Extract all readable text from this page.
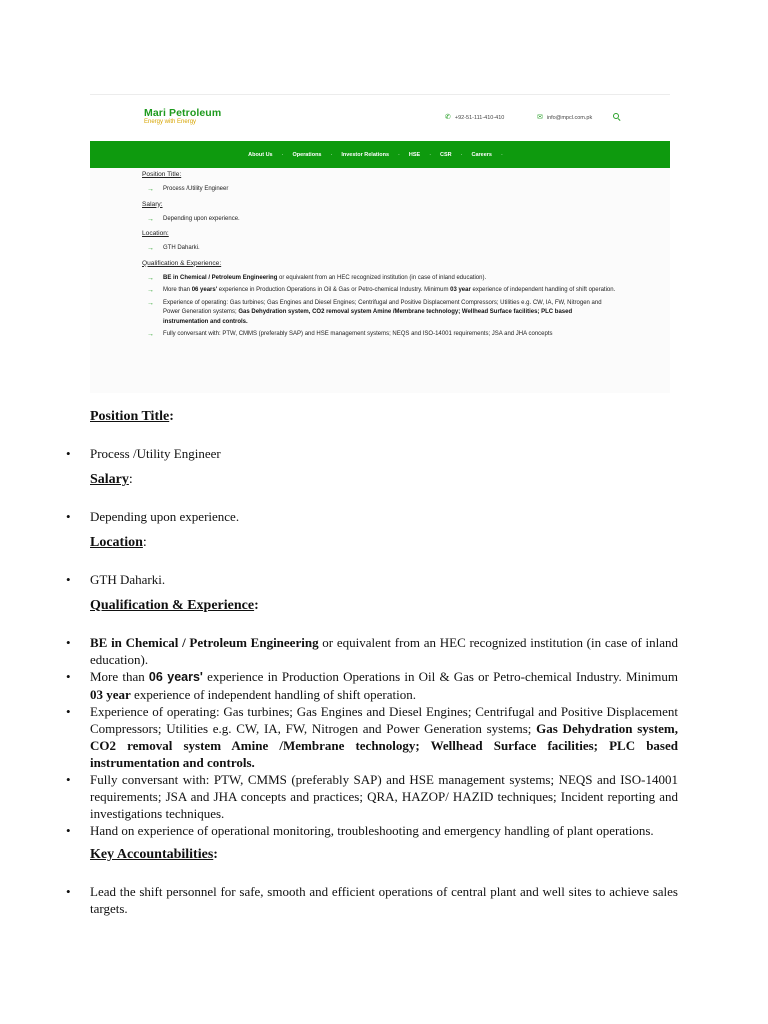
Mari Petroleum
Energy with Energy
✆ +92-51-111-410-410	✉ info@mpcl.com.pk
About Us · Operations · Investor Relations · HSE · CSR · Careers ·
Position Title:
→ Process /Utility Engineer
Salary:
→ Depending upon experience.
Location:
→ GTH Daharki.
Qualification & Experience:
→ BE in Chemical / Petroleum Engineering or equivalent from an HEC recognized institution (in case of inland education).
→ More than 06 years' experience in Production Operations in Oil & Gas or Petro-chemical Industry. Minimum 03 year experience of independent handling of shift operation.
→ Experience of operating: Gas turbines; Gas Engines and Diesel Engines; Centrifugal and Positive Displacement Compressors; Utilities e.g. CW, IA, FW, Nitrogen and Power Generation systems; Gas Dehydration system, CO2 removal system Amine /Membrane technology; Wellhead Surface facilities; PLC based instrumentation and controls.
→ Fully conversant with: PTW, CMMS (preferably SAP) and HSE management systems; NEQS and ISO-14001 requirements; JSA and JHA concepts
Position Title:
• Process /Utility Engineer
Salary:
• Depending upon experience.
Location:
• GTH Daharki.
Qualification & Experience:
• BE in Chemical / Petroleum Engineering or equivalent from an HEC recognized institution (in case of inland education).
• More than 06 years' experience in Production Operations in Oil & Gas or Petro-chemical Industry. Minimum 03 year experience of independent handling of shift operation.
• Experience of operating: Gas turbines; Gas Engines and Diesel Engines; Centrifugal and Positive Displacement Compressors; Utilities e.g. CW, IA, FW, Nitrogen and Power Generation systems; Gas Dehydration system, CO2 removal system Amine /Membrane technology; Wellhead Surface facilities; PLC based instrumentation and controls.
• Fully conversant with: PTW, CMMS (preferably SAP) and HSE management systems; NEQS and ISO-14001 requirements; JSA and JHA concepts and practices; QRA, HAZOP/ HAZID techniques; Incident reporting and investigations techniques.
• Hand on experience of operational monitoring, troubleshooting and emergency handling of plant operations.
Key Accountabilities:
• Lead the shift personnel for safe, smooth and efficient operations of central plant and well sites to achieve sales targets.
